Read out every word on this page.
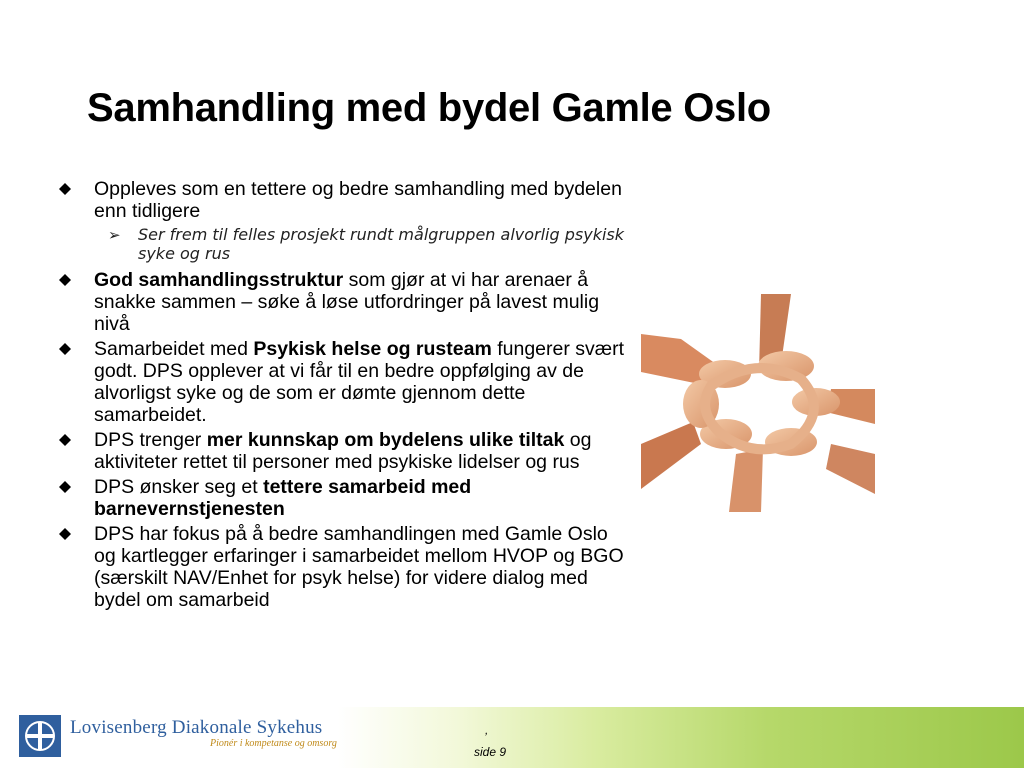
Samhandling med bydel Gamle Oslo
Oppleves som en tettere og bedre samhandling med bydelen enn tidligere
➢ Ser frem til felles prosjekt rundt målgruppen alvorlig psykisk syke og rus
God samhandlingsstruktur som gjør at vi har arenaer å snakke sammen – søke å løse utfordringer på lavest mulig nivå
Samarbeidet med Psykisk helse og rusteam fungerer svært godt. DPS opplever at vi får til en bedre oppfølging av de alvorligst syke og de som er dømte gjennom dette samarbeidet.
DPS trenger mer kunnskap om bydelens ulike tiltak og aktiviteter rettet til personer med psykiske lidelser og rus
DPS ønsker seg et tettere samarbeid med barnevernstjenesten
DPS har fokus på å bedre samhandlingen med Gamle Oslo og kartlegger erfaringer i samarbeidet mellom HVOP og BGO (særskilt NAV/Enhet for psyk helse) for videre dialog med bydel om samarbeid
Lovisenberg Diakonale Sykehus
Pionér i kompetanse og omsorg
,
side 9
